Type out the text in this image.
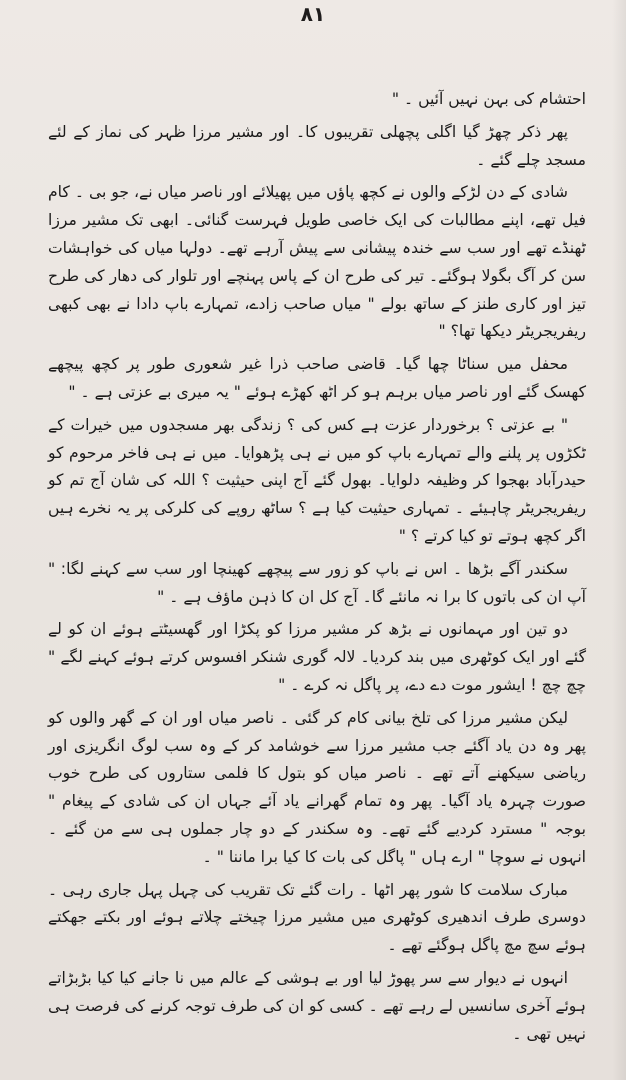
۸۱

احتشام کی بہن نہیں آئیں ۔ "

پھر ذکر چھڑ گیا اگلی پچھلی تقریبوں کا۔ اور مشیر مرزا ظہر کی نماز کے لئے مسجد چلے گئے ۔

شادی کے دن لڑکے والوں نے کچھ پاؤں میں پھیلائے اور ناصر میاں نے، جو بی ۔ کام فیل تھے، اپنے مطالبات کی ایک خاصی طویل فہرست گنائی۔ ابھی تک مشیر مرزا ٹھنڈے تھے اور سب سے خندہ پیشانی سے پیش آرہے تھے۔ دولہا میاں کی خواہشات سن کر آگ بگولا ہوگئے۔ تیر کی طرح ان کے پاس پہنچے اور تلوار کی دھار کی طرح تیز اور کاری طنز کے ساتھ بولے " میاں صاحب زادے، تمہارے باپ دادا نے بھی کبھی ریفریجریٹر دیکھا تھا؟ "

محفل میں سناٹا چھا گیا۔ قاضی صاحب ذرا غیر شعوری طور پر کچھ پیچھے کھسک گئے اور ناصر میاں برہم ہو کر اٹھ کھڑے ہوئے " یہ میری بے عزتی ہے ۔ "

" بے عزتی ؟ برخوردار عزت ہے کس کی ؟ زندگی بھر مسجدوں میں خیرات کے ٹکڑوں پر پلنے والے تمہارے باپ کو میں نے ہی پڑھوایا۔ میں نے ہی فاخر مرحوم کو حیدرآباد بھجوا کر وظیفہ دلوایا۔ بھول گئے آج اپنی حیثیت ؟ اللہ کی شان آج تم کو ریفریجریٹر چاہیئے ۔ تمہاری حیثیت کیا ہے ؟ ساٹھ روپے کی کلرکی پر یہ نخرے ہیں اگر کچھ ہوتے تو کیا کرتے ؟ "

سکندر آگے بڑھا ۔ اس نے باپ کو زور سے پیچھے کھینچا اور سب سے کہنے لگا: " آپ ان کی باتوں کا برا نہ مانئے گا۔ آج کل ان کا ذہن ماؤف ہے ۔ "

دو تین اور مہمانوں نے بڑھ کر مشیر مرزا کو پکڑا اور گھسیٹتے ہوئے ان کو لے گئے اور ایک کوٹھری میں بند کردیا۔ لالہ گوری شنکر افسوس کرتے ہوئے کہنے لگے " چچ چچ ! ایشور موت دے دے، پر پاگل نہ کرے ۔ "

لیکن مشیر مرزا کی تلخ بیانی کام کر گئی ۔ ناصر میاں اور ان کے گھر والوں کو پھر وہ دن یاد آگئے جب مشیر مرزا سے خوشامد کر کے وہ سب لوگ انگریزی اور ریاضی سیکھنے آتے تھے ۔ ناصر میاں کو بتول کا فلمی ستاروں کی طرح خوب صورت چہرہ یاد آگیا۔ پھر وہ تمام گھرانے یاد آئے جہاں ان کی شادی کے پیغام " بوجہ " مسترد کردیے گئے تھے۔ وہ سکندر کے دو چار جملوں ہی سے من گئے ۔ انہوں نے سوچا " ارے ہاں " پاگل کی بات کا کیا برا ماننا " ۔

مبارک سلامت کا شور پھر اٹھا ۔ رات گئے تک تقریب کی چہل پہل جاری رہی ۔ دوسری طرف اندھیری کوٹھری میں مشیر مرزا چیختے چلاتے ہوئے اور بکتے جھکتے ہوئے سچ مچ پاگل ہوگئے تھے ۔

انہوں نے دیوار سے سر پھوڑ لیا اور بے ہوشی کے عالم میں نا جانے کیا کیا بڑبڑاتے ہوئے آخری سانسیں لے رہے تھے ۔ کسی کو ان کی طرف توجہ کرنے کی فرصت ہی نہیں تھی ۔
